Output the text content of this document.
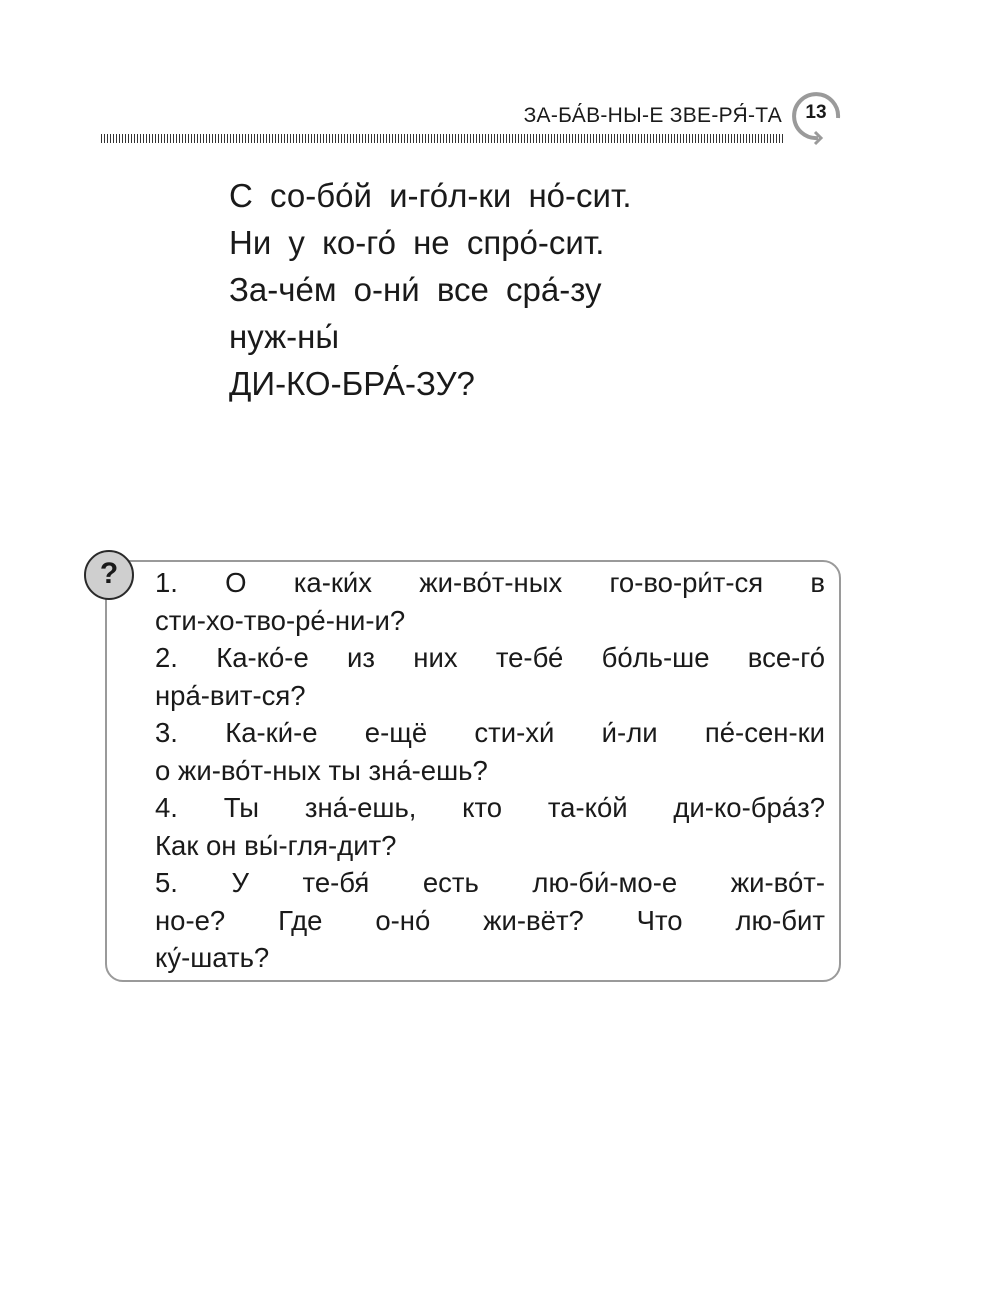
ЗА-БА́В-НЫ-Е ЗВЕ-РЯ́-ТА	13
С со-бо́й и-го́л-ки но́-сит.
Ни у ко-го́ не спро́-сит.
За-че́м о-ни́ все сра́-зу
нуж-ны́
ДИ-КО-БРА́-ЗУ?
?	1. О ка-ки́х жи-во́т-ных го-во-ри́т-ся в
сти-хо-тво-ре́-ни-и?
2. Ка-ко́-е из них те-бе́ бо́ль-ше все-го́
нра́-вит-ся?
3. Ка-ки́-е е-щё сти-хи́ и́-ли пе́-сен-ки
о жи-во́т-ных ты зна́-ешь?
4. Ты зна́-ешь, кто та-ко́й ди-ко-бра́з?
Как он вы́-гля-дит?
5. У те-бя́ есть лю-би́-мо-е жи-во́т-
но-е? Где о-но́ жи-вёт? Что лю-бит
ку́-шать?
